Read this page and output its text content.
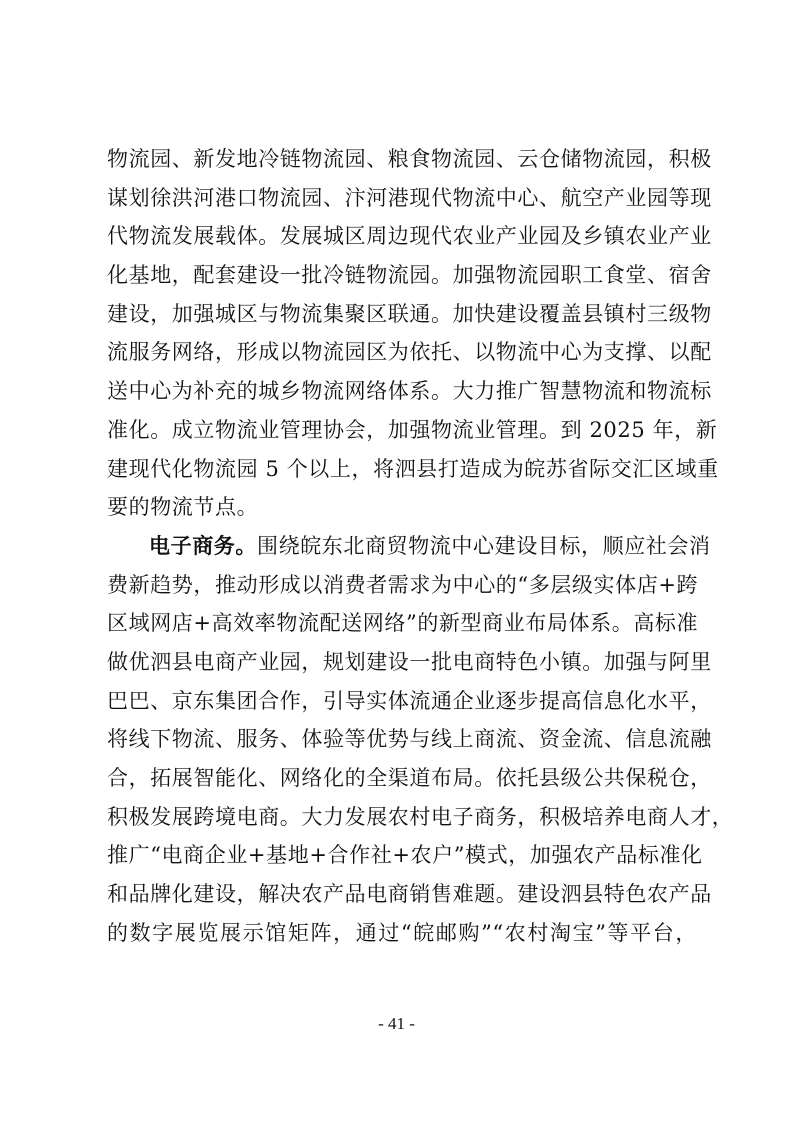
物流园、新发地冷链物流园、粮食物流园、云仓储物流园，积极
谋划徐洪河港口物流园、汴河港现代物流中心、航空产业园等现
代物流发展载体。发展城区周边现代农业产业园及乡镇农业产业
化基地，配套建设一批冷链物流园。加强物流园职工食堂、宿舍
建设，加强城区与物流集聚区联通。加快建设覆盖县镇村三级物
流服务网络，形成以物流园区为依托、以物流中心为支撑、以配
送中心为补充的城乡物流网络体系。大力推广智慧物流和物流标
准化。成立物流业管理协会，加强物流业管理。到 2025 年，新
建现代化物流园 5 个以上，将泗县打造成为皖苏省际交汇区域重
要的物流节点。
电子商务。围绕皖东北商贸物流中心建设目标，顺应社会消
费新趋势，推动形成以消费者需求为中心的“多层级实体店+跨
区域网店+高效率物流配送网络”的新型商业布局体系。高标准
做优泗县电商产业园，规划建设一批电商特色小镇。加强与阿里
巴巴、京东集团合作，引导实体流通企业逐步提高信息化水平，
将线下物流、服务、体验等优势与线上商流、资金流、信息流融
合，拓展智能化、网络化的全渠道布局。依托县级公共保税仓，
积极发展跨境电商。大力发展农村电子商务，积极培养电商人才，
推广“电商企业+基地+合作社+农户”模式，加强农产品标准化
和品牌化建设，解决农产品电商销售难题。建设泗县特色农产品
的数字展览展示馆矩阵，通过“皖邮购”“农村淘宝”等平台，
- 41 -
